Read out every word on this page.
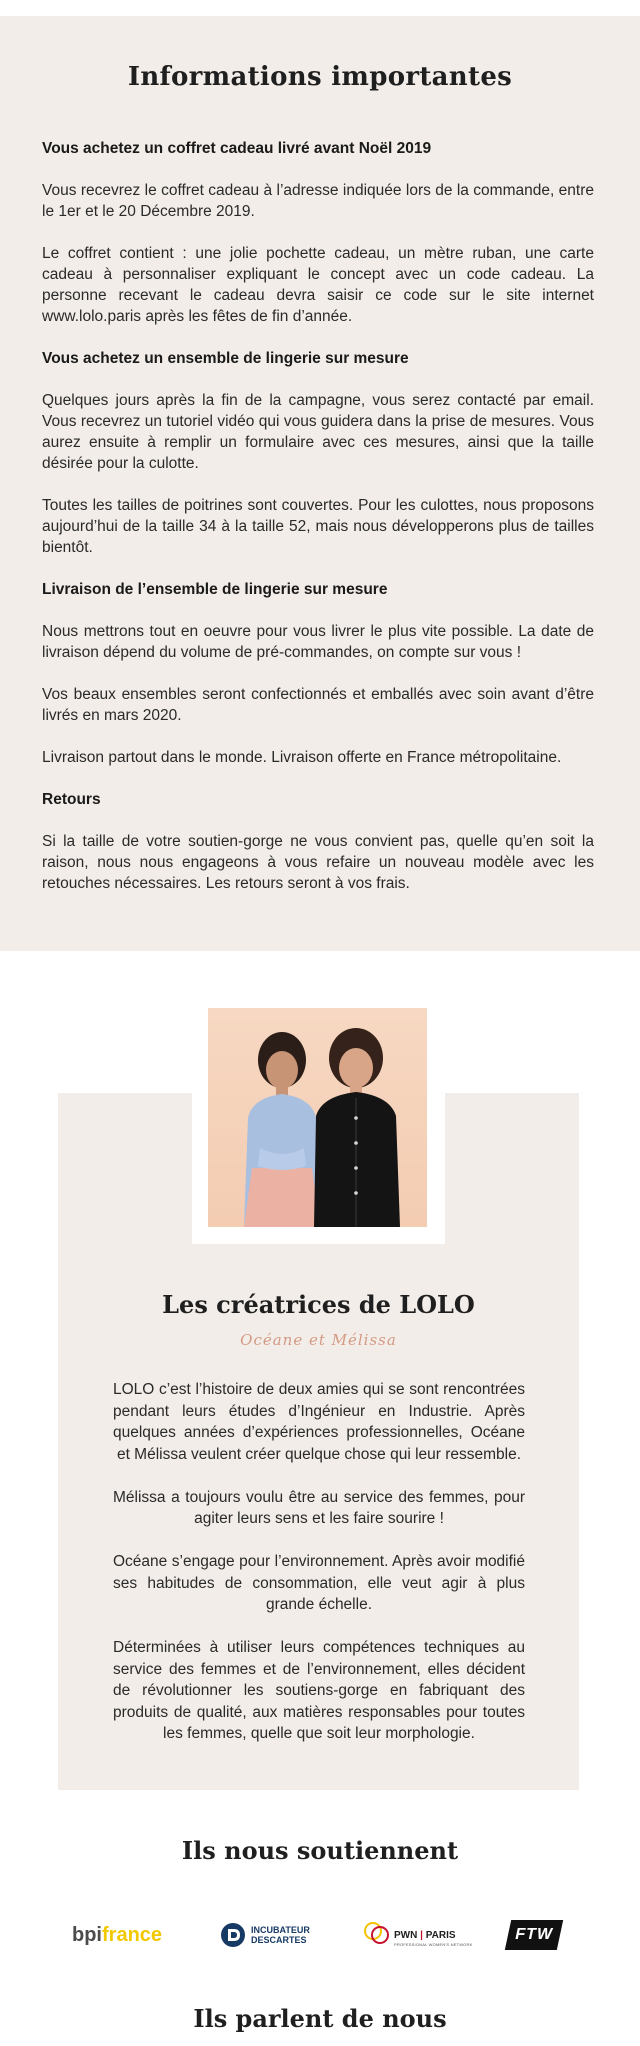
Informations importantes
Vous achetez un coffret cadeau livré avant Noël 2019

Vous recevrez le coffret cadeau à l’adresse indiquée lors de la commande, entre le 1er et le 20 Décembre 2019.

Le coffret contient : une jolie pochette cadeau, un mètre ruban, une carte cadeau à personnaliser expliquant le concept avec un code cadeau. La personne recevant le cadeau devra saisir ce code sur le site internet www.lolo.paris après les fêtes de fin d’année.

Vous achetez un ensemble de lingerie sur mesure

Quelques jours après la fin de la campagne, vous serez contacté par email. Vous recevrez un tutoriel vidéo qui vous guidera dans la prise de mesures. Vous aurez ensuite à remplir un formulaire avec ces mesures, ainsi que la taille désirée pour la culotte.

Toutes les tailles de poitrines sont couvertes. Pour les culottes, nous proposons aujourd’hui de la taille 34 à la taille 52, mais nous développerons plus de tailles bientôt.

Livraison de l’ensemble de lingerie sur mesure

Nous mettrons tout en oeuvre pour vous livrer le plus vite possible. La date de livraison dépend du volume de pré-commandes, on compte sur vous !

Vos beaux ensembles seront confectionnés et emballés avec soin avant d’être livrés en mars 2020.

Livraison partout dans le monde. Livraison offerte en France métropolitaine.

Retours

Si la taille de votre soutien-gorge ne vous convient pas, quelle qu’en soit la raison, nous nous engageons à vous refaire un nouveau modèle avec les retouches nécessaires. Les retours seront à vos frais.

Les créatrices de LOLO
Océane et Mélissa

LOLO c’est l’histoire de deux amies qui se sont rencontrées pendant leurs études d’Ingénieur en Industrie. Après quelques années d’expériences professionnelles, Océane et Mélissa veulent créer quelque chose qui leur ressemble.

Mélissa a toujours voulu être au service des femmes, pour agiter leurs sens et les faire sourire !

Océane s’engage pour l’environnement. Après avoir modifié ses habitudes de consommation, elle veut agir à plus grande échelle.

Déterminées à utiliser leurs compétences techniques au service des femmes et de l’environnement, elles décident de révolutionner les soutiens-gorge en fabriquant des produits de qualité, aux matières responsables pour toutes les femmes, quelle que soit leur morphologie.

Ils nous soutiennent
bpi france	INCUBATEUR
DESCARTES	PWN | PARIS
PROFESSIONAL WOMEN'S NETWORK
FTW
Ils parlent de nous
